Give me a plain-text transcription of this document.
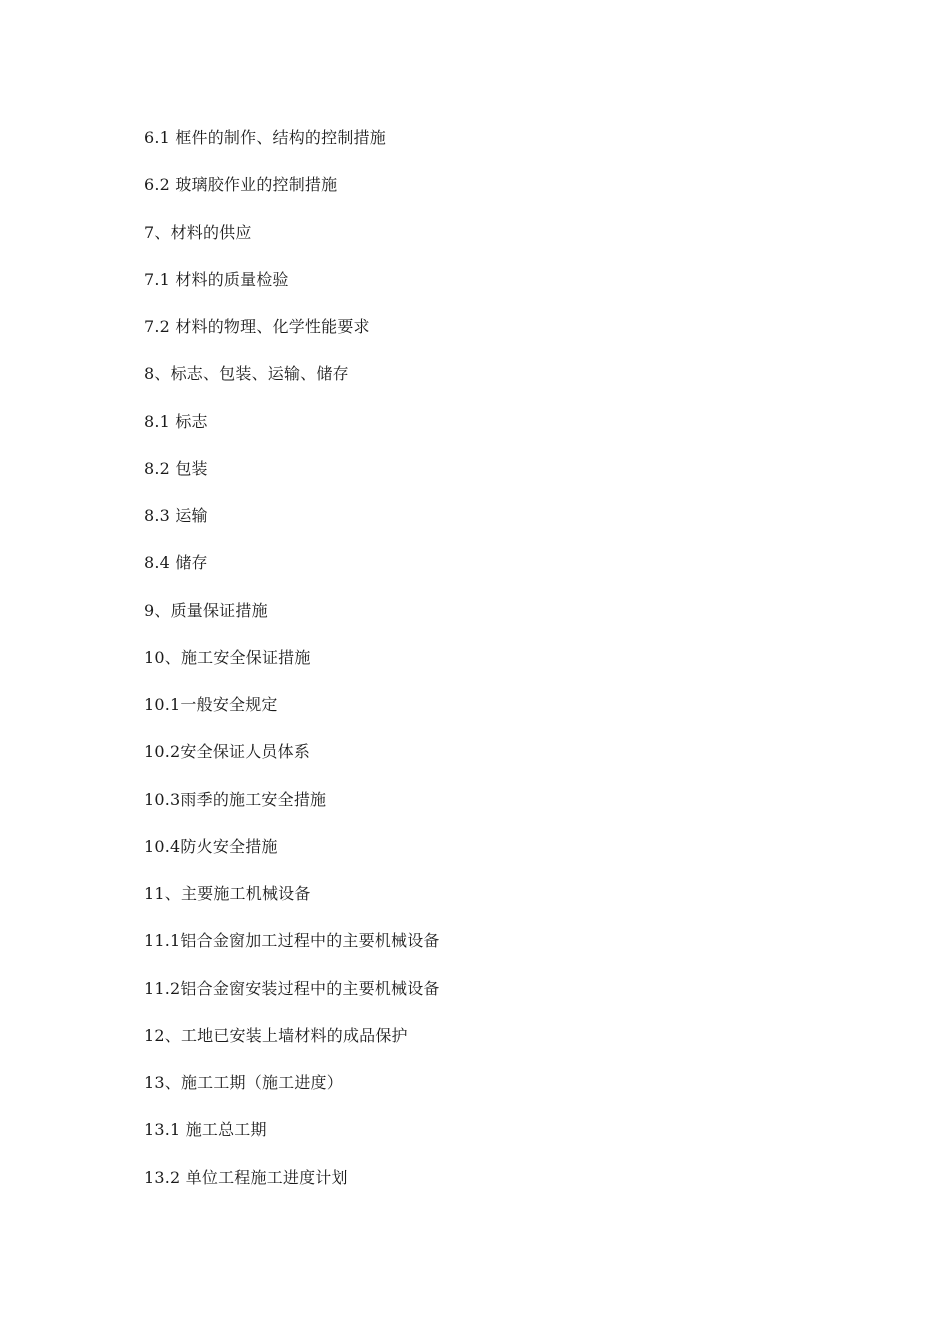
6.1 框件的制作、结构的控制措施
6.2 玻璃胶作业的控制措施
7、材料的供应
7.1 材料的质量检验
7.2 材料的物理、化学性能要求
8、标志、包装、运输、储存
8.1 标志
8.2 包装
8.3 运输
8.4 储存
9、质量保证措施
10、施工安全保证措施
10.1一般安全规定
10.2安全保证人员体系
10.3雨季的施工安全措施
10.4防火安全措施
11、主要施工机械设备
11.1铝合金窗加工过程中的主要机械设备
11.2铝合金窗安装过程中的主要机械设备
12、工地已安装上墙材料的成品保护
13、施工工期（施工进度）
13.1 施工总工期
13.2 单位工程施工进度计划
